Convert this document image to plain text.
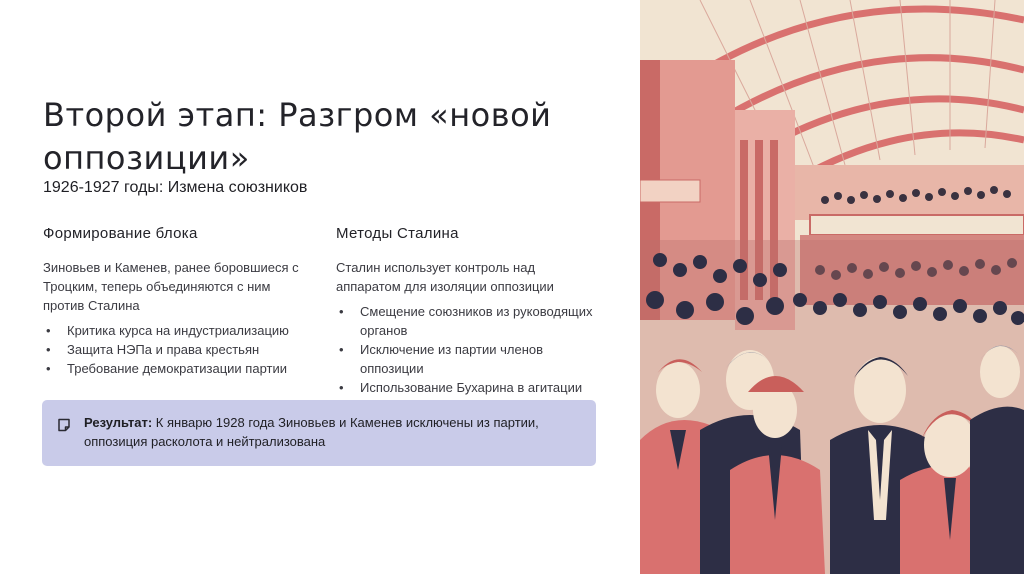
Второй этап: Разгром «новой оппозиции»
1926-1927 годы: Измена союзников
Формирование блока

Зиновьев и Каменев, ранее боровшиеся с Троцким, теперь объединяются с ним против Сталина

• Критика курса на индустриализацию
• Защита НЭПа и права крестьян
• Требование демократизации партии
Методы Сталина

Сталин использует контроль над аппаратом для изоляции оппозиции

• Смещение союзников из руководящих органов
• Исключение из партии членов оппозиции
• Использование Бухарина в агитации

Результат: К январю 1928 года Зиновьев и Каменев исключены из партии, оппозиция расколота и нейтрализована
